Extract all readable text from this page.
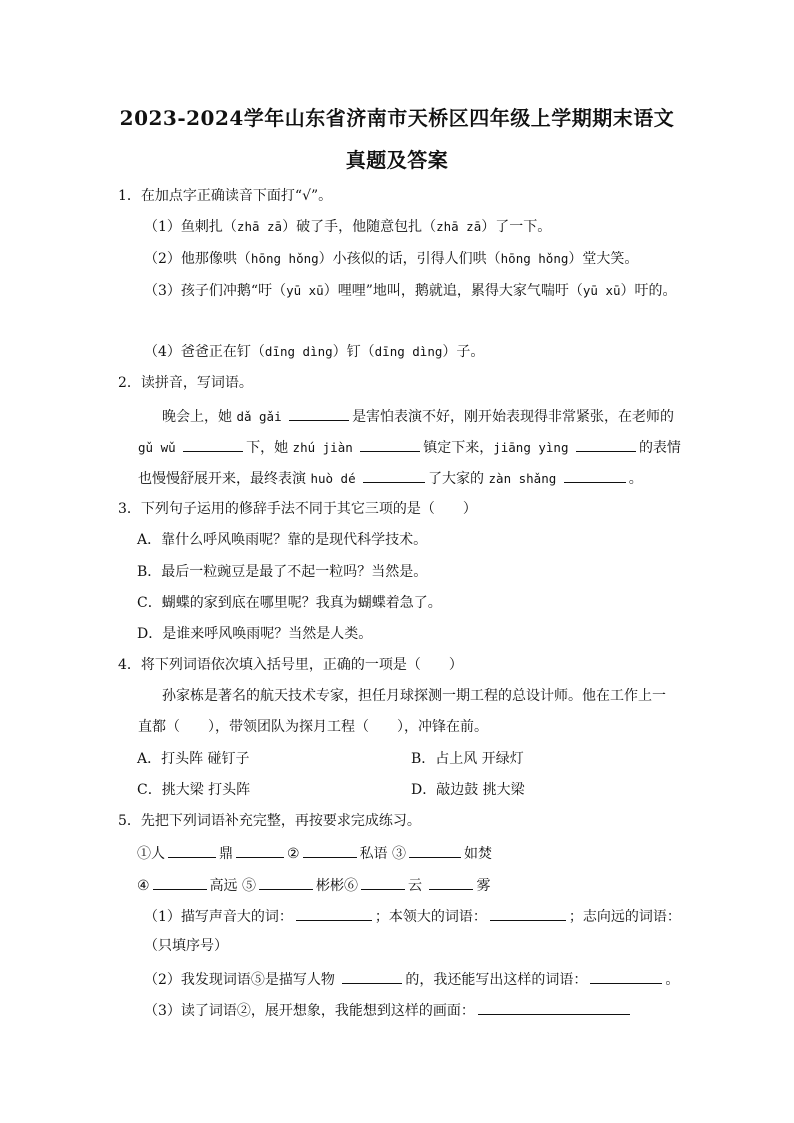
2023-2024学年山东省济南市天桥区四年级上学期期末语文
真题及答案
1．在加点字正确读音下面打“√”。
（1）鱼刺扎（zhā zā）破了手，他随意包扎（zhā zā）了一下。
（2）他那像哄（hōng hǒng）小孩似的话，引得人们哄（hōng hǒng）堂大笑。
（3）孩子们冲鹅“吁（yū xū）哩哩”地叫，鹅就追，累得大家气喘吁（yū xū）吁的。
（4）爸爸正在钉（dīng dìng）钉（dīng dìng）子。
2．读拼音，写词语。
晚会上，她 dǎ gǎi	是害怕表演不好，刚开始表现得非常紧张，在老师的
gǔ wǔ	下，她 zhú jiàn	镇定下来，jiāng yìng	的表情
也慢慢舒展开来，最终表演 huò dé	了大家的 zàn shǎng	。
3．下列句子运用的修辞手法不同于其它三项的是（　　）
A．靠什么呼风唤雨呢？靠的是现代科学技术。
B．最后一粒豌豆是最了不起一粒吗？当然是。
C．蝴蝶的家到底在哪里呢？我真为蝴蝶着急了。
D．是谁来呼风唤雨呢？当然是人类。
4．将下列词语依次填入括号里，正确的一项是（　　）
孙家栋是著名的航天技术专家，担任月球探测一期工程的总设计师。他在工作上一
直都（　　），带领团队为探月工程（　　），冲锋在前。
A．打头阵 碰钉子	B．占上风 开绿灯
C．挑大梁 打头阵	D．敲边鼓 挑大梁
5．先把下列词语补充完整，再按要求完成练习。
①人	鼎	②	私语 ③	如焚
④	高远 ⑤	彬彬⑥	云	雾
（1）描写声音大的词：	；本领大的词语：	；志向远的词语：
（只填序号）
（2）我发现词语⑤是描写人物	的，我还能写出这样的词语：	。
（3）读了词语②，展开想象，我能想到这样的画面：
